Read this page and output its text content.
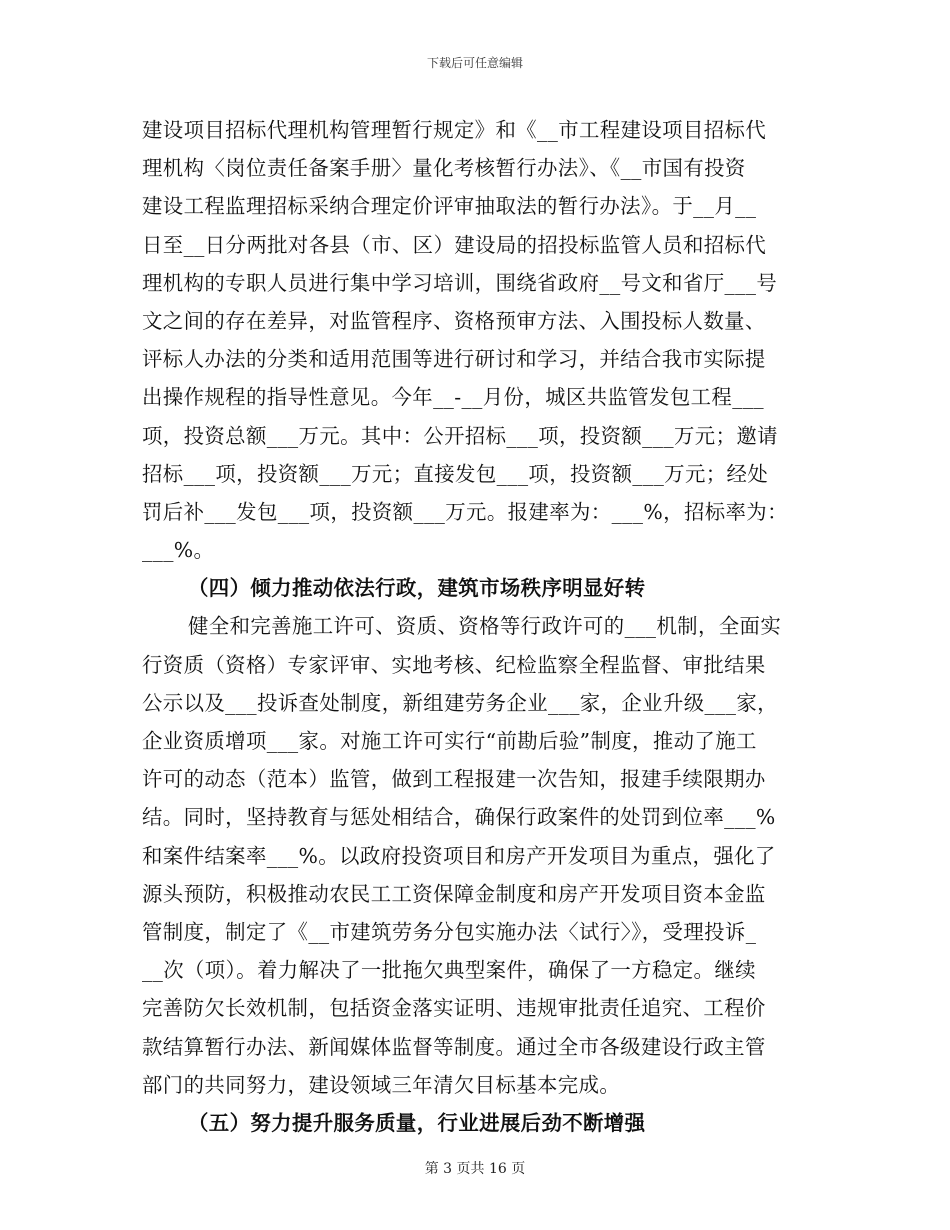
下载后可任意编辑
建设项目招标代理机构管理暂行规定》和《__市工程建设项目招标代
理机构〈岗位责任备案手册〉量化考核暂行办法》、《__市国有投资
建设工程监理招标采纳合理定价评审抽取法的暂行办法》。于__月__
日至__日分两批对各县（市、区）建设局的招投标监管人员和招标代
理机构的专职人员进行集中学习培训，围绕省政府__号文和省厅___号
文之间的存在差异，对监管程序、资格预审方法、入围投标人数量、
评标人办法的分类和适用范围等进行研讨和学习，并结合我市实际提
出操作规程的指导性意见。今年__-__月份，城区共监管发包工程___
项，投资总额___万元。其中：公开招标___项，投资额___万元；邀请
招标___项，投资额___万元；直接发包___项，投资额___万元；经处
罚后补___发包___项，投资额___万元。报建率为：___%，招标率为：
___%。
（四）倾力推动依法行政，建筑市场秩序明显好转
健全和完善施工许可、资质、资格等行政许可的___机制，全面实
行资质（资格）专家评审、实地考核、纪检监察全程监督、审批结果
公示以及___投诉查处制度，新组建劳务企业___家，企业升级___家，
企业资质增项___家。对施工许可实行“前勘后验”制度，推动了施工
许可的动态（范本）监管，做到工程报建一次告知，报建手续限期办
结。同时，坚持教育与惩处相结合，确保行政案件的处罚到位率___%
和案件结案率___%。以政府投资项目和房产开发项目为重点，强化了
源头预防，积极推动农民工工资保障金制度和房产开发项目资本金监
管制度，制定了《__市建筑劳务分包实施办法〈试行〉》，受理投诉_
__次（项）。着力解决了一批拖欠典型案件，确保了一方稳定。继续
完善防欠长效机制，包括资金落实证明、违规审批责任追究、工程价
款结算暂行办法、新闻媒体监督等制度。通过全市各级建设行政主管
部门的共同努力，建设领域三年清欠目标基本完成。
（五）努力提升服务质量，行业进展后劲不断增强
第 3 页共 16 页
